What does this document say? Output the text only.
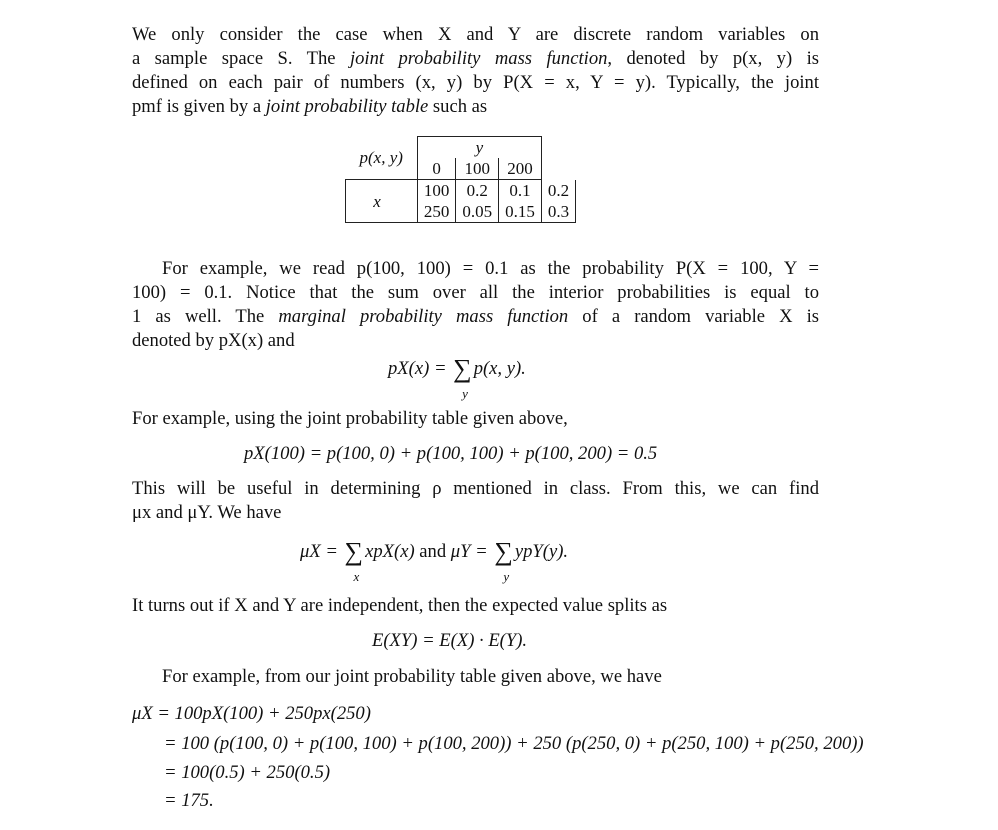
We only consider the case when X and Y are discrete random variables on
a sample space S. The joint probability mass function, denoted by p(x, y) is
defined on each pair of numbers (x, y) by P(X = x, Y = y). Typically, the joint
pmf is given by a joint probability table such as
p(x, y)	y			
	0	100	200	
x	100	0.2	0.1	0.2
	250	0.05	0.15	0.3
For example, we read p(100, 100) = 0.1 as the probability P(X = 100, Y =
100) = 0.1. Notice that the sum over all the interior probabilities is equal to
1 as well. The marginal probability mass function of a random variable X is
denoted by pX(x) and
pX(x) = ∑
y
p(x, y).
For example, using the joint probability table given above,
pX(100) = p(100, 0) + p(100, 100) + p(100, 200) = 0.5
This will be useful in determining ρ mentioned in class. From this, we can find
μx and μY. We have
μX = ∑
x
xpX(x) and μY = ∑
y
ypY(y).
It turns out if X and Y are independent, then the expected value splits as
E(XY) = E(X) · E(Y).
For example, from our joint probability table given above, we have
μX = 100pX(100) + 250px(250)
= 100 (p(100, 0) + p(100, 100) + p(100, 200)) + 250 (p(250, 0) + p(250, 100) + p(250, 200))
= 100(0.5) + 250(0.5)
= 175.
